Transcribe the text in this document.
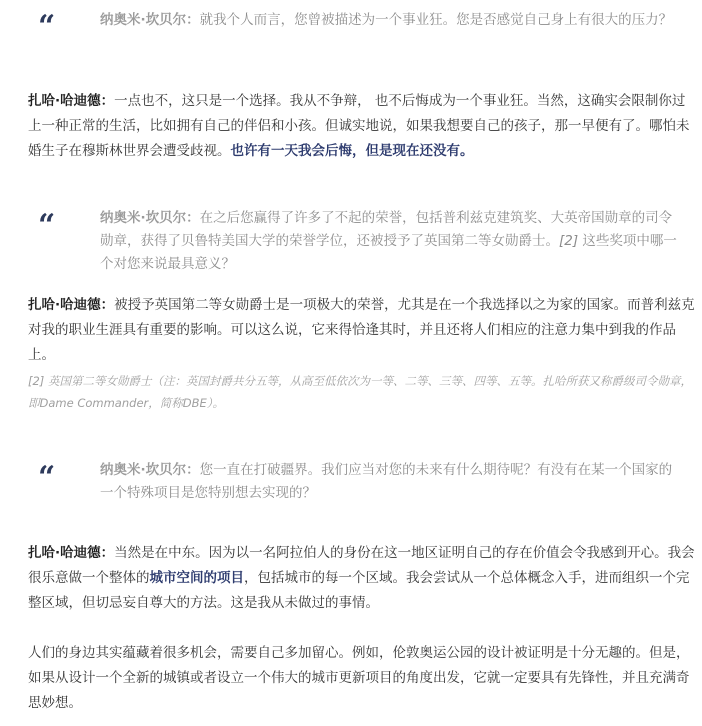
“	纳奥米·坎贝尔：就我个人而言，您曾被描述为一个事业狂。您是否感觉自己身上有很大的压力？
扎哈·哈迪德：一点也不，这只是一个选择。我从不争辩， 也不后悔成为一个事业狂。当然，这确实会限制你过上一种正常的生活，比如拥有自己的伴侣和小孩。但诚实地说，如果我想要自己的孩子，那一早便有了。哪怕未婚生子在穆斯林世界会遭受歧视。也许有一天我会后悔，但是现在还没有。
“	纳奥米·坎贝尔：在之后您赢得了许多了不起的荣誉，包括普利兹克建筑奖、大英帝国勋章的司令勋章，获得了贝鲁特美国大学的荣誉学位，还被授予了英国第二等女勋爵士。[2] 这些奖项中哪一个对您来说最具意义？
扎哈·哈迪德：被授予英国第二等女勋爵士是一项极大的荣誉，尤其是在一个我选择以之为家的国家。而普利兹克对我的职业生涯具有重要的影响。可以这么说，它来得恰逢其时，并且还将人们相应的注意力集中到我的作品上。
[2] 英国第二等女勋爵士（注：英国封爵共分五等，从高至低依次为一等、二等、三等、四等、五等。扎哈所获又称爵级司令勋章，即Dame Commander，简称DBE）。
“	纳奥米·坎贝尔：您一直在打破疆界。我们应当对您的未来有什么期待呢？有没有在某一个国家的一个特殊项目是您特别想去实现的？
扎哈·哈迪德：当然是在中东。因为以一名阿拉伯人的身份在这一地区证明自己的存在价值会令我感到开心。我会很乐意做一个整体的城市空间的项目，包括城市的每一个区域。我会尝试从一个总体概念入手，进而组织一个完整区域，但切忌妄自尊大的方法。这是我从未做过的事情。
人们的身边其实蕴藏着很多机会，需要自己多加留心。例如，伦敦奥运公园的设计被证明是十分无趣的。但是，如果从设计一个全新的城镇或者设立一个伟大的城市更新项目的角度出发，它就一定要具有先锋性，并且充满奇思妙想。
